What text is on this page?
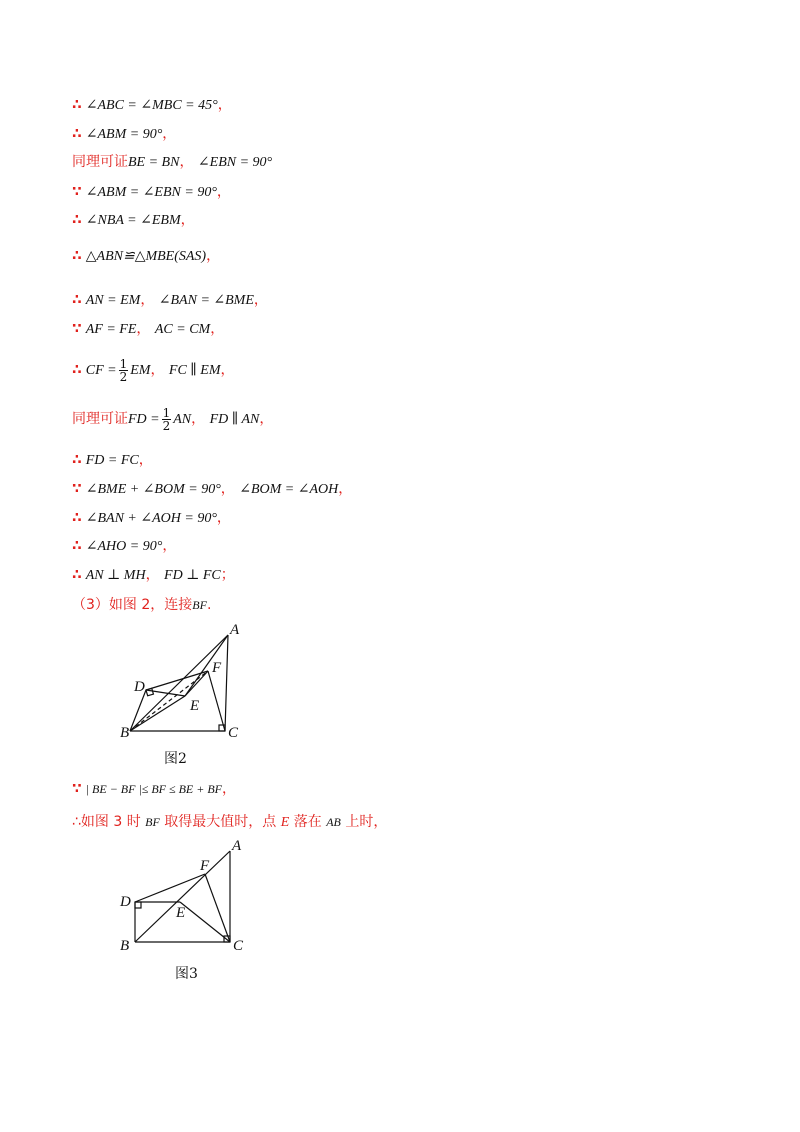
∴ ∠ABC = ∠MBC = 45°，
∴ ∠ABM = 90°，
同理可证BE = BN， ∠EBN = 90°
∵ ∠ABM = ∠EBN = 90°，
∴ ∠NBA = ∠EBM，
∴ △ABN≌△MBE(SAS)，
∴ AN = EM， ∠BAN = ∠BME，
∵ AF = FE， AC = CM，
∴ CF = $\frac{1}{2}$ EM， FC ∥ EM，
同理可证FD = $\frac{1}{2}$ AN， FD ∥ AN，
∴ FD = FC，
∵ ∠BME + ∠BOM = 90°， ∠BOM = ∠AOH，
∴ ∠BAN + ∠AOH = 90°，
∴ ∠AHO = 90°，
∴ AN ⊥ MH， FD ⊥ FC；
（3）如图 2，连接BF.
A
F
D
E
B	C
图2
∵ | BE − BF |≤ BF ≤ BE + BF，
∴如图 3 时 BF 取得最大值时，点 E 落在 AB 上时，
A
F
D
E
B	C
图3
